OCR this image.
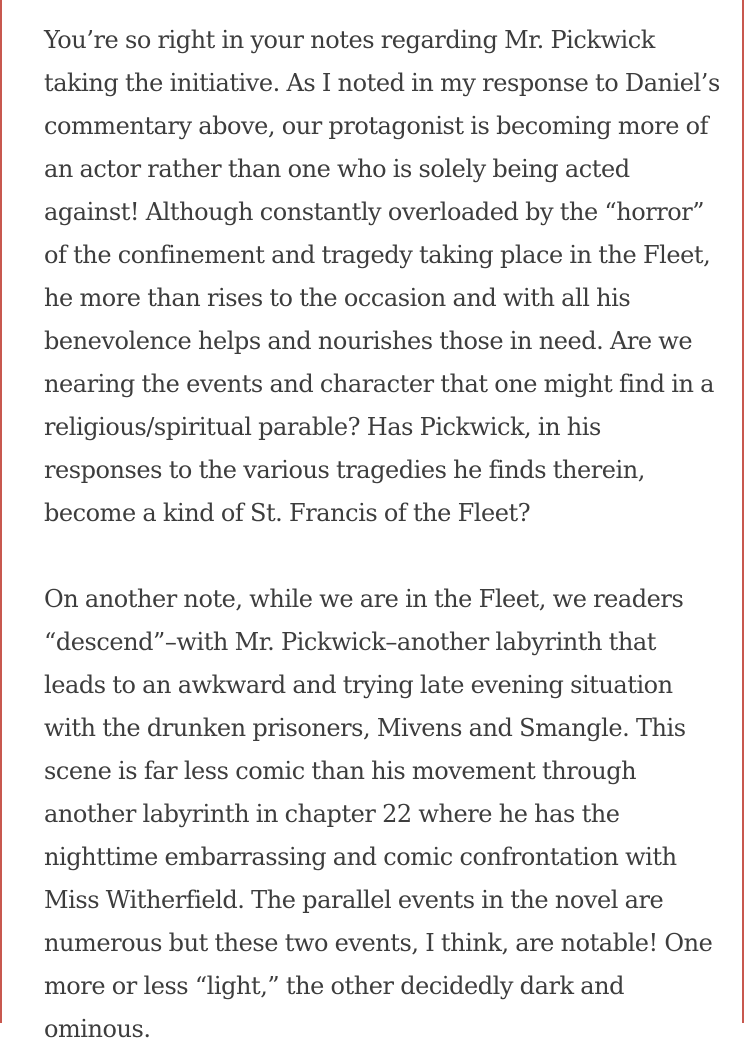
You’re so right in your notes regarding Mr. Pickwick taking the initiative. As I noted in my response to Daniel’s commentary above, our protagonist is becoming more of an actor rather than one who is solely being acted against! Although constantly overloaded by the “horror” of the confinement and tragedy taking place in the Fleet, he more than rises to the occasion and with all his benevolence helps and nourishes those in need. Are we nearing the events and character that one might find in a religious/spiritual parable? Has Pickwick, in his responses to the various tragedies he finds therein, become a kind of St. Francis of the Fleet?

On another note, while we are in the Fleet, we readers “descend”–with Mr. Pickwick–another labyrinth that leads to an awkward and trying late evening situation with the drunken prisoners, Mivens and Smangle. This scene is far less comic than his movement through another labyrinth in chapter 22 where he has the nighttime embarrassing and comic confrontation with Miss Witherfield. The parallel events in the novel are numerous but these two events, I think, are notable! One more or less “light,” the other decidedly dark and ominous.
